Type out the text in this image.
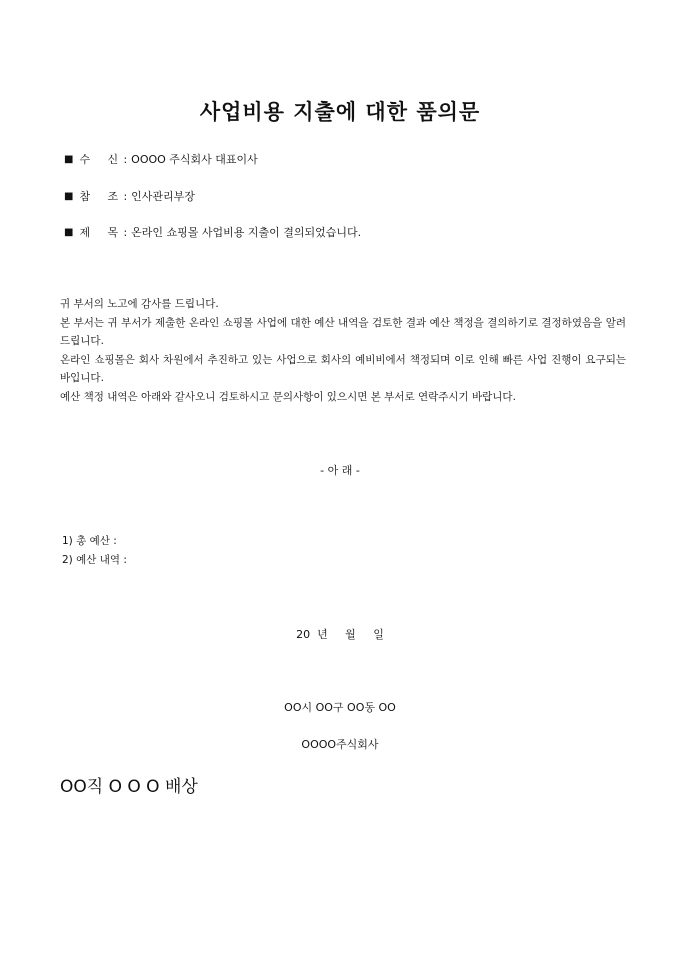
사업비용 지출에 대한 품의문
■ 수	신 : OOOO 주식회사 대표이사
■ 참	조 : 인사관리부장
■ 제	목 : 온라인 쇼핑몰 사업비용 지출이 결의되었습니다.

귀 부서의 노고에 감사를 드립니다.

본 부서는 귀 부서가 제출한 온라인 쇼핑몰 사업에 대한 예산 내역을 검토한 결과 예산 책정을 결의하기로 결정하였음을 알려드립니다.

온라인 쇼핑몰은 회사 차원에서 추진하고 있는 사업으로 회사의 예비비에서 책정되며 이로 인해 빠른 사업 진행이 요구되는 바입니다.

예산 책정 내역은 아래와 같사오니 검토하시고 문의사항이 있으시면 본 부서로 연락주시기 바랍니다.

- 아 래 -
1) 총 예산 :
2) 예산 내역 :
20  년     월     일
OO시 OO구 OO동 OO
OOOO주식회사
OO직 O O O 배상
